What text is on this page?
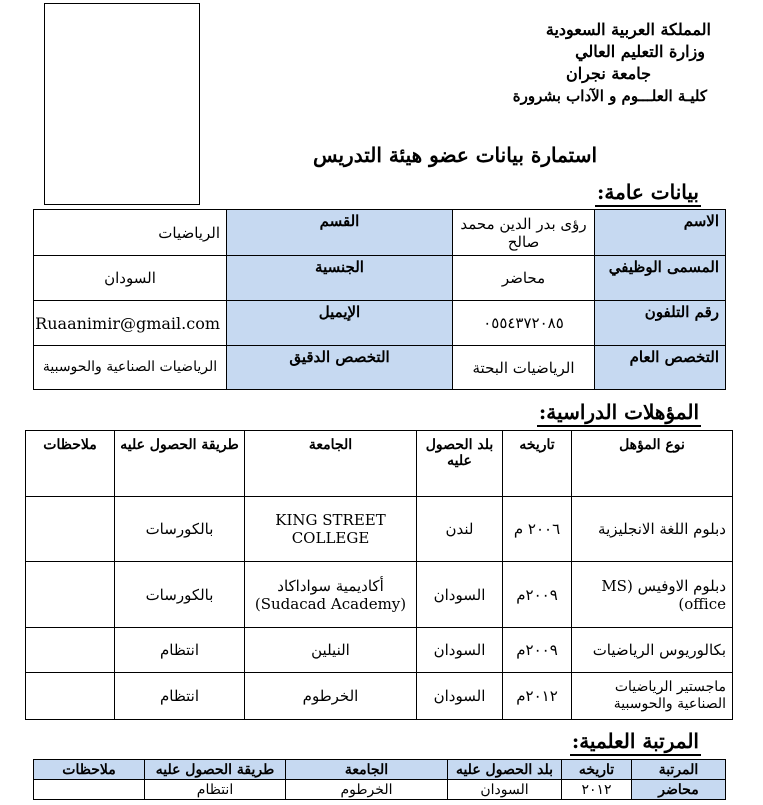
المملكة العربية السعودية
وزارة التعليم العالي
جامعة نجران
كليـة العلـــوم و الآداب بشرورة
استمارة بيانات عضو هيئة التدريس
بيانات عامة:
الاسم	رؤى بدر الدين محمد صالح	القسم	الرياضيات
المسمى الوظيفي	محاضر	الجنسية	السودان
رقم التلفون	٠٥٥٤٣٧٢٠٨٥	الإيميل	Ruaanimir@gmail.com
التخصص العام	الرياضيات البحتة	التخصص الدقيق	الرياضيات الصناعية والحوسبية
المؤهلات الدراسية:
نوع المؤهل	تاريخه	بلد الحصول عليه	الجامعة	طريقة الحصول عليه	ملاحظات
دبلوم اللغة الانجليزية	٢٠٠٦ م	لندن	KING STREET COLLEGE	بالكورسات	
دبلوم الاوفيس (MS office)	٢٠٠٩م	السودان	أكاديمية سواداكاد (Sudacad Academy)	بالكورسات	
بكالوريوس الرياضيات	٢٠٠٩م	السودان	النيلين	انتظام	
ماجستير الرياضيات الصناعية والحوسبية	٢٠١٢م	السودان	الخرطوم	انتظام	
المرتبة العلمية:
المرتبة	تاريخه	بلد الحصول عليه	الجامعة	طريقة الحصول عليه	ملاحظات
محاضر	٢٠١٢	السودان	الخرطوم	انتظام	
